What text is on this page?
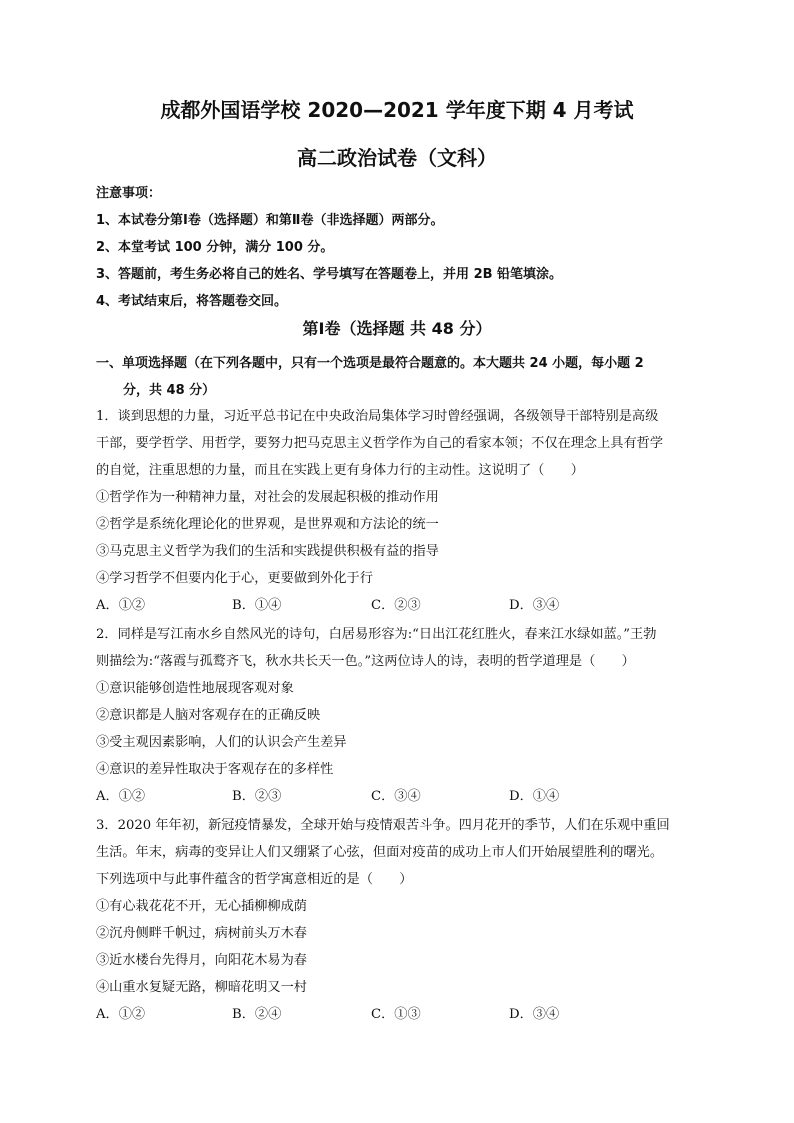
成都外国语学校 2020—2021 学年度下期 4 月考试
高二政治试卷（文科）
注意事项：
1、本试卷分第Ⅰ卷（选择题）和第Ⅱ卷（非选择题）两部分。
2、本堂考试 100 分钟，满分 100 分。
3、答题前，考生务必将自己的姓名、学号填写在答题卷上，并用 2B 铅笔填涂。
4、考试结束后，将答题卷交回。
第Ⅰ卷（选择题 共 48 分）
一、单项选择题（在下列各题中，只有一个选项是最符合题意的。本大题共 24 小题，每小题 2
分，共 48 分）
1．谈到思想的力量，习近平总书记在中央政治局集体学习时曾经强调，各级领导干部特别是高级
干部，要学哲学、用哲学，要努力把马克思主义哲学作为自己的看家本领；不仅在理念上具有哲学
的自觉，注重思想的力量，而且在实践上更有身体力行的主动性。这说明了（　　）
①哲学作为一种精神力量，对社会的发展起积极的推动作用
②哲学是系统化理论化的世界观，是世界观和方法论的统一
③马克思主义哲学为我们的生活和实践提供积极有益的指导
④学习哲学不但要内化于心，更要做到外化于行
A．①②	B．①④	C．②③	D．③④
2．同样是写江南水乡自然风光的诗句，白居易形容为:“日出江花红胜火，春来江水绿如蓝。”王勃
则描绘为:“落霞与孤鹜齐飞，秋水共长天一色。”这两位诗人的诗，表明的哲学道理是（　　）
①意识能够创造性地展现客观对象
②意识都是人脑对客观存在的正确反映
③受主观因素影响，人们的认识会产生差异
④意识的差异性取决于客观存在的多样性
A．①②	B．②③	C．③④	D．①④
3．2020 年年初，新冠疫情暴发，全球开始与疫情艰苦斗争。四月花开的季节，人们在乐观中重回
生活。年末，病毒的变异让人们又绷紧了心弦，但面对疫苗的成功上市人们开始展望胜利的曙光。
下列选项中与此事件蕴含的哲学寓意相近的是（　　）
①有心栽花花不开，无心插柳柳成荫
②沉舟侧畔千帆过，病树前头万木春
③近水楼台先得月，向阳花木易为春
④山重水复疑无路，柳暗花明又一村
A．①②	B．②④	C．①③	D．③④
